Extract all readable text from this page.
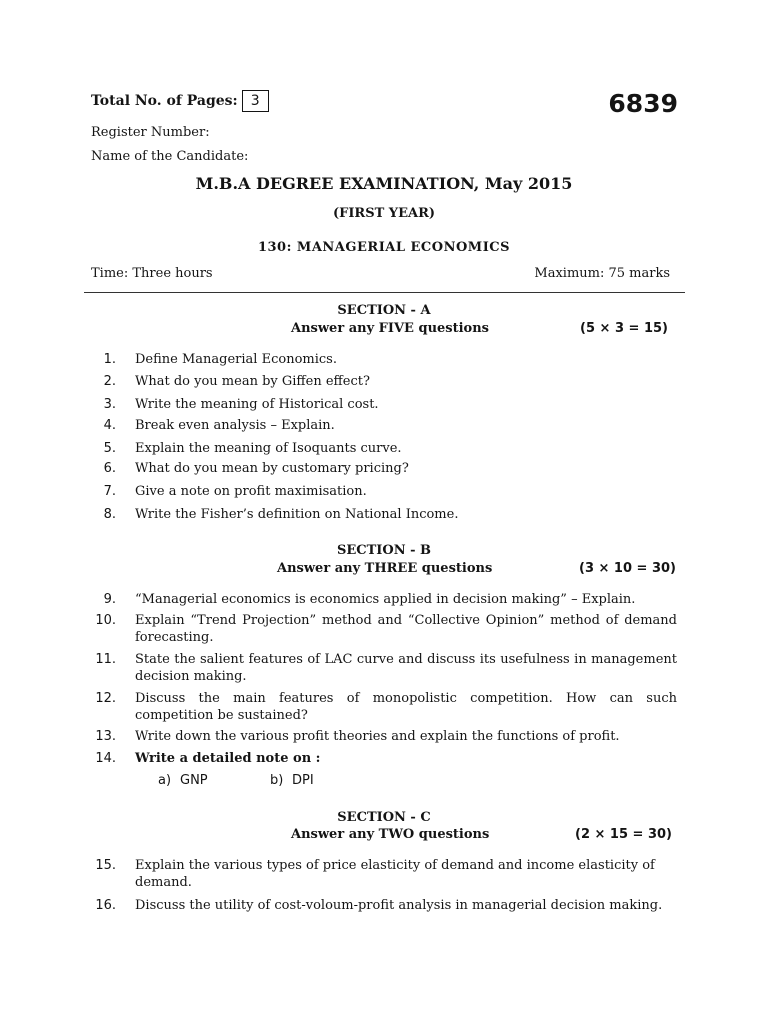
Total No. of Pages: 3	6839
Register Number:
Name of the Candidate:
M.B.A DEGREE EXAMINATION, May 2015
(FIRST YEAR)
130: MANAGERIAL ECONOMICS
Time: Three hours	Maximum: 75 marks
SECTION - A
Answer any FIVE questions	(5 × 3 = 15)
1. Define Managerial Economics.
2. What do you mean by Giffen effect?
3. Write the meaning of Historical cost.
4. Break even analysis – Explain.
5. Explain the meaning of Isoquants curve.
6. What do you mean by customary pricing?
7. Give a note on profit maximisation.
8. Write the Fisher’s definition on National Income.
SECTION - B
Answer any THREE questions	(3 × 10 = 30)
9. “Managerial economics is economics applied in decision making” – Explain.
10. Explain “Trend Projection” method and “Collective Opinion” method of demand forecasting.
11. State the salient features of LAC curve and discuss its usefulness in management decision making.
12. Discuss the main features of monopolistic competition. How can such competition be sustained?
13. Write down the various profit theories and explain the functions of profit.
14. Write a detailed note on :
a) GNP	b) DPI
SECTION - C
Answer any TWO questions	(2 × 15 = 30)
15. Explain the various types of price elasticity of demand and income elasticity of demand.
16. Discuss the utility of cost-voloum-profit analysis in managerial decision making.
